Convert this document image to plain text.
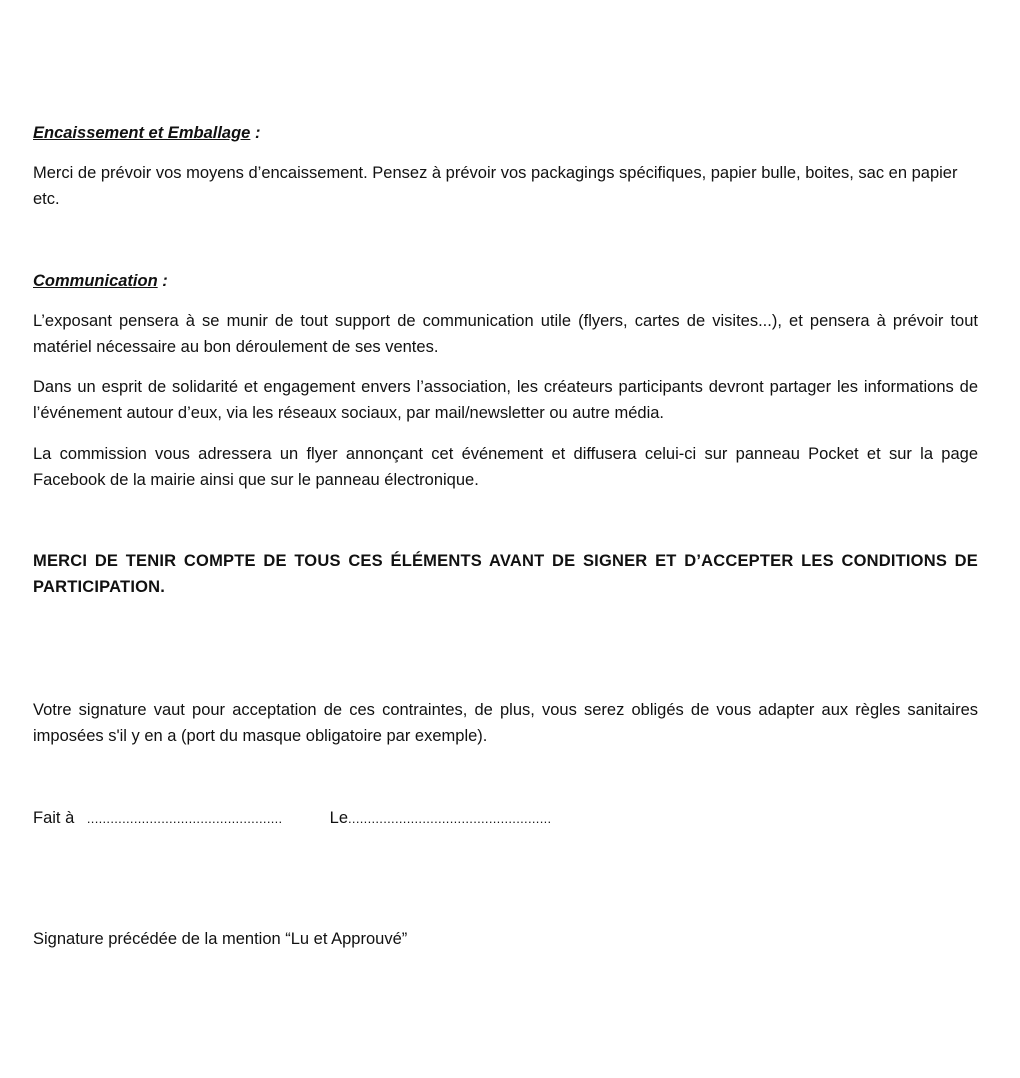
Encaissement et Emballage :

Merci de prévoir vos moyens d’encaissement. Pensez à prévoir vos packagings spécifiques, papier bulle, boites, sac en papier etc.

Communication :

L’exposant pensera à se munir de tout support de communication utile (flyers, cartes de visites...), et pensera à prévoir tout matériel nécessaire au bon déroulement de ses ventes.

Dans un esprit de solidarité et engagement envers l’association, les créateurs participants devront partager les informations de l’événement autour d’eux, via les réseaux sociaux, par mail/newsletter ou autre média.

La commission vous adressera un flyer annonçant cet événement et diffusera celui-ci sur panneau Pocket et sur la page Facebook de la mairie ainsi que sur le panneau électronique.

MERCI DE TENIR COMPTE DE TOUS CES ÉLÉMENTS AVANT DE SIGNER ET D’ACCEPTER LES CONDITIONS DE PARTICIPATION.

Votre signature vaut pour acceptation de ces contraintes, de plus, vous serez obligés de vous adapter aux règles sanitaires imposées s'il y en a (port du masque obligatoire par exemple).

Fait à ..................................................	Le....................................................

Signature précédée de la mention “Lu et Approuvé”
